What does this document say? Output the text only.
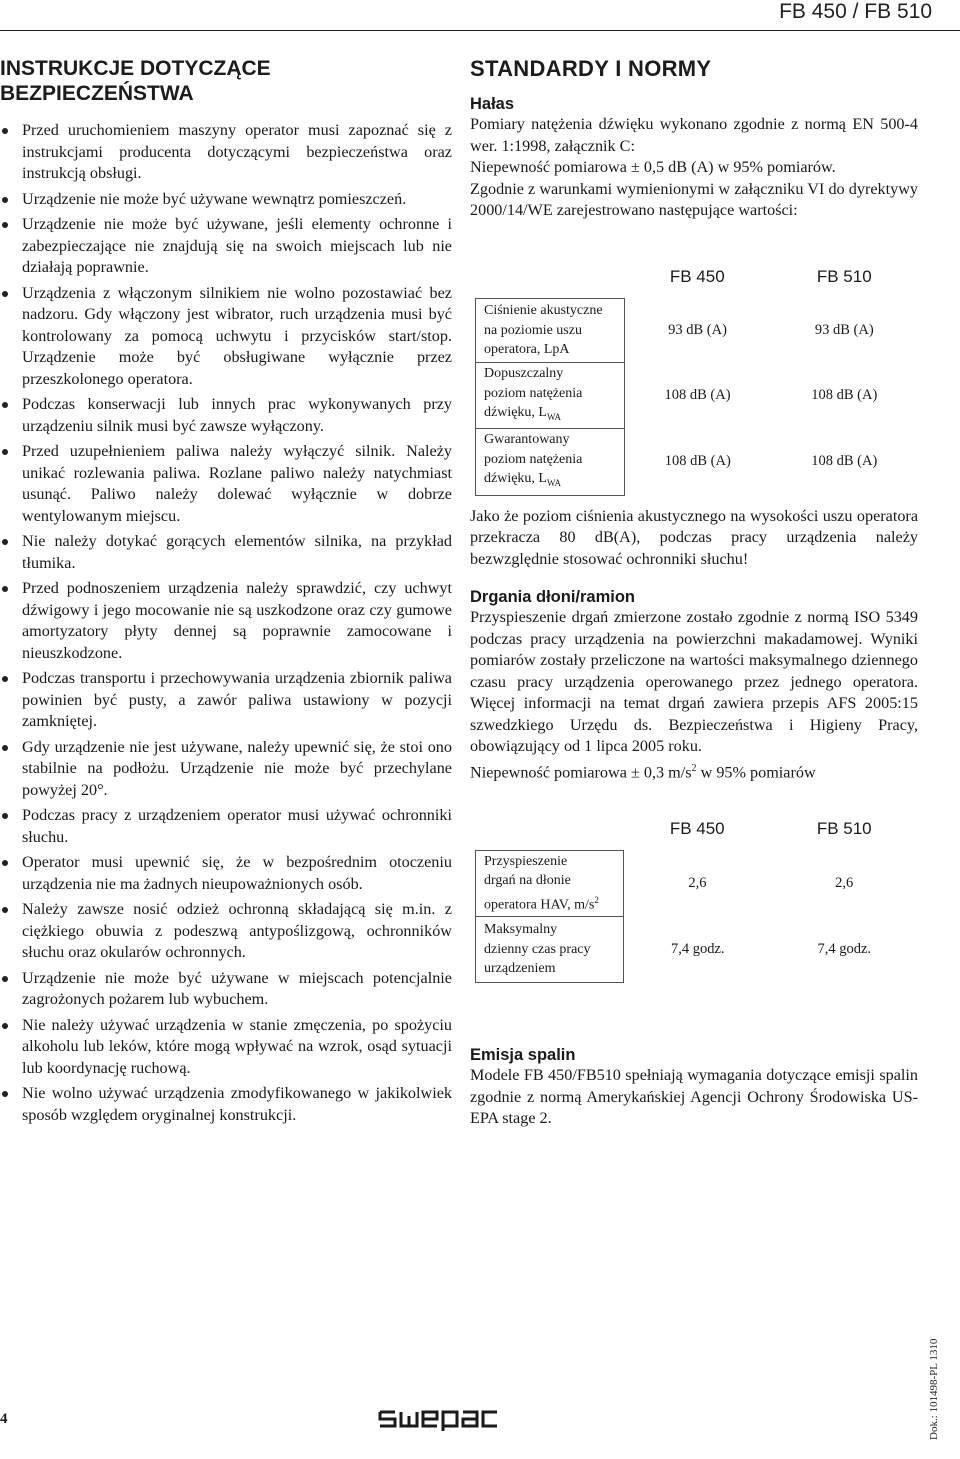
FB 450 / FB 510
INSTRUKCJE DOTYCZĄCE BEZPIECZEŃSTWA
Przed uruchomieniem maszyny operator musi zapoznać się z instrukcjami producenta dotyczącymi bezpieczeństwa oraz instrukcją obsługi.
Urządzenie nie może być używane wewnątrz pomieszczeń.
Urządzenie nie może być używane, jeśli elementy ochronne i zabezpieczające nie znajdują się na swoich miejscach lub nie działają poprawnie.
Urządzenia z włączonym silnikiem nie wolno pozostawiać bez nadzoru. Gdy włączony jest wibrator, ruch urządzenia musi być kontrolowany za pomocą uchwytu i przycisków start/stop. Urządzenie może być obsługiwane wyłącznie przez przeszkolonego operatora.
Podczas konserwacji lub innych prac wykonywanych przy urządzeniu silnik musi być zawsze wyłączony.
Przed uzupełnieniem paliwa należy wyłączyć silnik. Należy unikać rozlewania paliwa. Rozlane paliwo należy natychmiast usunąć. Paliwo należy dolewać wyłącznie w dobrze wentylowanym miejscu.
Nie należy dotykać gorących elementów silnika, na przykład tłumika.
Przed podnoszeniem urządzenia należy sprawdzić, czy uchwyt dźwigowy i jego mocowanie nie są uszkodzone oraz czy gumowe amortyzatory płyty dennej są poprawnie zamocowane i nieuszkodzone.
Podczas transportu i przechowywania urządzenia zbiornik paliwa powinien być pusty, a zawór paliwa ustawiony w pozycji zamkniętej.
Gdy urządzenie nie jest używane, należy upewnić się, że stoi ono stabilnie na podłożu. Urządzenie nie może być przechylane powyżej 20°.
Podczas pracy z urządzeniem operator musi używać ochronniki słuchu.
Operator musi upewnić się, że w bezpośrednim otoczeniu urządzenia nie ma żadnych nieupoważnionych osób.
Należy zawsze nosić odzież ochronną składającą się m.in. z ciężkiego obuwia z podeszwą antypoślizgową, ochronników słuchu oraz okularów ochronnych.
Urządzenie nie może być używane w miejscach potencjalnie zagrożonych pożarem lub wybuchem.
Nie należy używać urządzenia w stanie zmęczenia, po spożyciu alkoholu lub leków, które mogą wpływać na wzrok, osąd sytuacji lub koordynację ruchową.
Nie wolno używać urządzenia zmodyfikowanego w jakikolwiek sposób względem oryginalnej konstrukcji.
STANDARDY I NORMY
Hałas

Pomiary natężenia dźwięku wykonano zgodnie z normą EN 500-4 wer. 1:1998, załącznik C:

Niepewność pomiarowa ± 0,5 dB (A) w 95% pomiarów.

Zgodnie z warunkami wymienionymi w załączniku VI do dyrektywy 2000/14/WE zarejestrowano następujące wartości:

	FB 450	FB 510

Ciśnienie akustyczne
na poziomie uszu
operatora, LpA	93 dB (A)	93 dB (A)

Dopuszczalny
poziom natężenia
dźwięku, $L_{WA}$	108 dB (A)	108 dB (A)

Gwarantowany
poziom natężenia
dźwięku, $L_{WA}$	108 dB (A)	108 dB (A)

Jako że poziom ciśnienia akustycznego na wysokości uszu operatora przekracza 80 dB(A), podczas pracy urządzenia należy bezwzględnie stosować ochronniki słuchu!

Drgania dłoni/ramion

Przyspieszenie drgań zmierzone zostało zgodnie z normą ISO 5349 podczas pracy urządzenia na powierzchni makadamowej. Wyniki pomiarów zostały przeliczone na wartości maksymalnego dziennego czasu pracy urządzenia operowanego przez jednego operatora. Więcej informacji na temat drgań zawiera przepis AFS 2005:15 szwedzkiego Urzędu ds. Bezpieczeństwa i Higieny Pracy, obowiązujący od 1 lipca 2005 roku.

Niepewność pomiarowa ± 0,3 $m/s^2$ w 95% pomiarów

	FB 450	FB 510

Przyspieszenie
drgań na dłonie
operatora HAV, $m/s^2$	2,6	2,6

Maksymalny
dzienny czas pracy
urządzeniem	7,4 godz.	7,4 godz.
Emisja spalin

Modele FB 450/FB510 spełniają wymagania dotyczące emisji spalin zgodnie z normą Amerykańskiej Agencji Ochrony Środowiska US-EPA stage 2.

4
swepac	Dok.: 101498-PL 1310
